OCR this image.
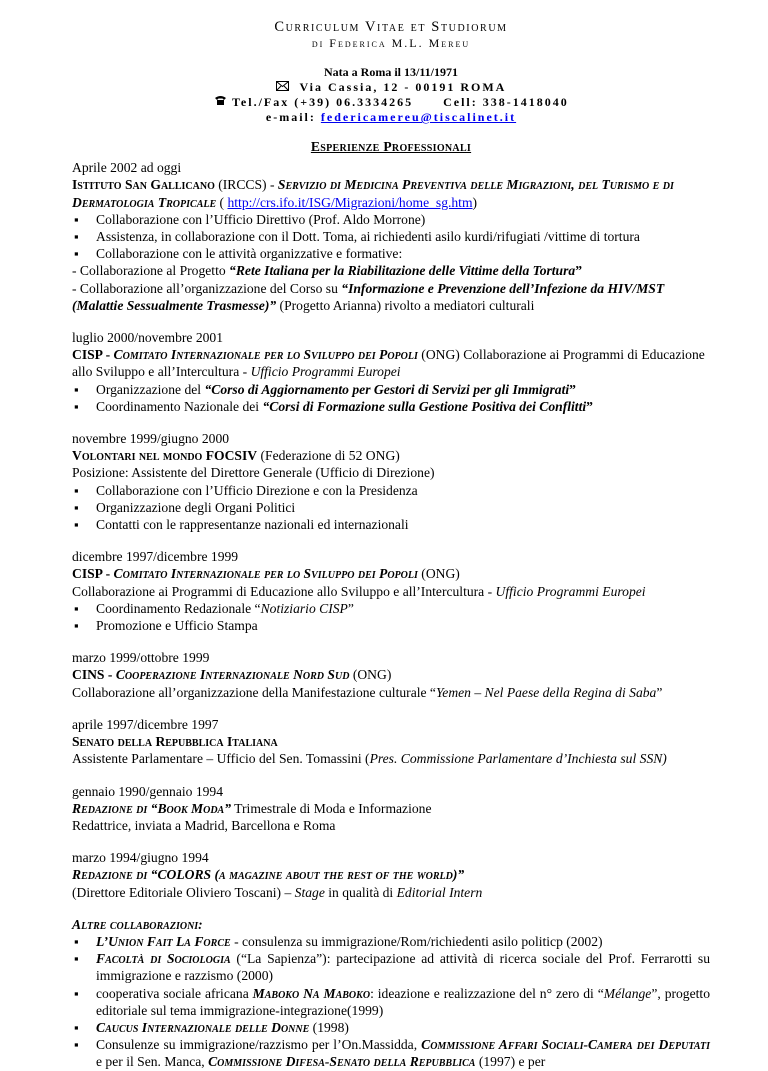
Curriculum Vitae et Studiorum

di Federica M.L. Mereu

Nata a Roma il 13/11/1971

Via Cassia, 12 - 00191 ROMA

Tel./Fax (+39) 06.3334265	Cell: 338-1418040

e-mail: federicamereu@tiscalinet.it

Esperienze Professionali

Aprile 2002 ad oggi

Istituto San Gallicano (IRCCS) - Servizio di Medicina Preventiva delle Migrazioni, del Turismo e di Dermatologia Tropicale ( http://crs.ifo.it/ISG/Migrazioni/home_sg.htm)

▪ Collaborazione con l’Ufficio Direttivo (Prof. Aldo Morrone)
▪ Assistenza, in collaborazione con il Dott. Toma, ai richiedenti asilo kurdi/rifugiati /vittime di tortura
▪ Collaborazione con le attività organizzative e formative:

- Collaborazione al Progetto “Rete Italiana per la Riabilitazione delle Vittime della Tortura”

- Collaborazione all’organizzazione del Corso su “Informazione e Prevenzione dell’Infezione da HIV/MST (Malattie Sessualmente Trasmesse)” (Progetto Arianna) rivolto a mediatori culturali

luglio 2000/novembre 2001

CISP - Comitato Internazionale per lo Sviluppo dei Popoli (ONG) Collaborazione ai Programmi di Educazione allo Sviluppo e all’Intercultura - Ufficio Programmi Europei

▪ Organizzazione del “Corso di Aggiornamento per Gestori di Servizi per gli Immigrati”
▪ Coordinamento Nazionale dei “Corsi di Formazione sulla Gestione Positiva dei Conflitti”

novembre 1999/giugno 2000

Volontari nel mondo FOCSIV (Federazione di 52 ONG)

Posizione: Assistente del Direttore Generale (Ufficio di Direzione)

▪ Collaborazione con l’Ufficio Direzione e con la Presidenza
▪ Organizzazione degli Organi Politici
▪ Contatti con le rappresentanze nazionali ed internazionali

dicembre 1997/dicembre 1999

CISP - Comitato Internazionale per lo Sviluppo dei Popoli (ONG)

Collaborazione ai Programmi di Educazione allo Sviluppo e all’Intercultura - Ufficio Programmi Europei

▪ Coordinamento Redazionale “Notiziario CISP”
▪ Promozione e Ufficio Stampa

marzo 1999/ottobre 1999

CINS - Cooperazione Internazionale Nord Sud (ONG)

Collaborazione all’organizzazione della Manifestazione culturale “Yemen – Nel Paese della Regina di Saba”

aprile 1997/dicembre 1997

Senato della Repubblica Italiana

Assistente Parlamentare – Ufficio del Sen. Tomassini (Pres. Commissione Parlamentare d’Inchiesta sul SSN)

gennaio 1990/gennaio 1994

Redazione di “Book Moda” Trimestrale di Moda e Informazione

Redattrice, inviata a Madrid, Barcellona e Roma

marzo 1994/giugno 1994

Redazione di “COLORS (a magazine about the rest of the world)”

(Direttore Editoriale Oliviero Toscani) – Stage in qualità di Editorial Intern

Altre collaborazioni:

▪ L’Union Fait La Force - consulenza su immigrazione/Rom/richiedenti asilo politicp (2002)
▪ Facoltà di Sociologia (“La Sapienza”): partecipazione ad attività di ricerca sociale del Prof. Ferrarotti su immigrazione e razzismo (2000)
▪ cooperativa sociale africana Maboko Na Maboko: ideazione e realizzazione del n° zero di “Mélange”, progetto editoriale sul tema immigrazione-integrazione(1999)
▪ Caucus Internazionale delle Donne (1998)
▪ Consulenze su immigrazione/razzismo per l’On.Massidda, Commissione Affari Sociali-Camera dei Deputati e per il Sen. Manca, Commissione Difesa-Senato della Repubblica (1997) e per
